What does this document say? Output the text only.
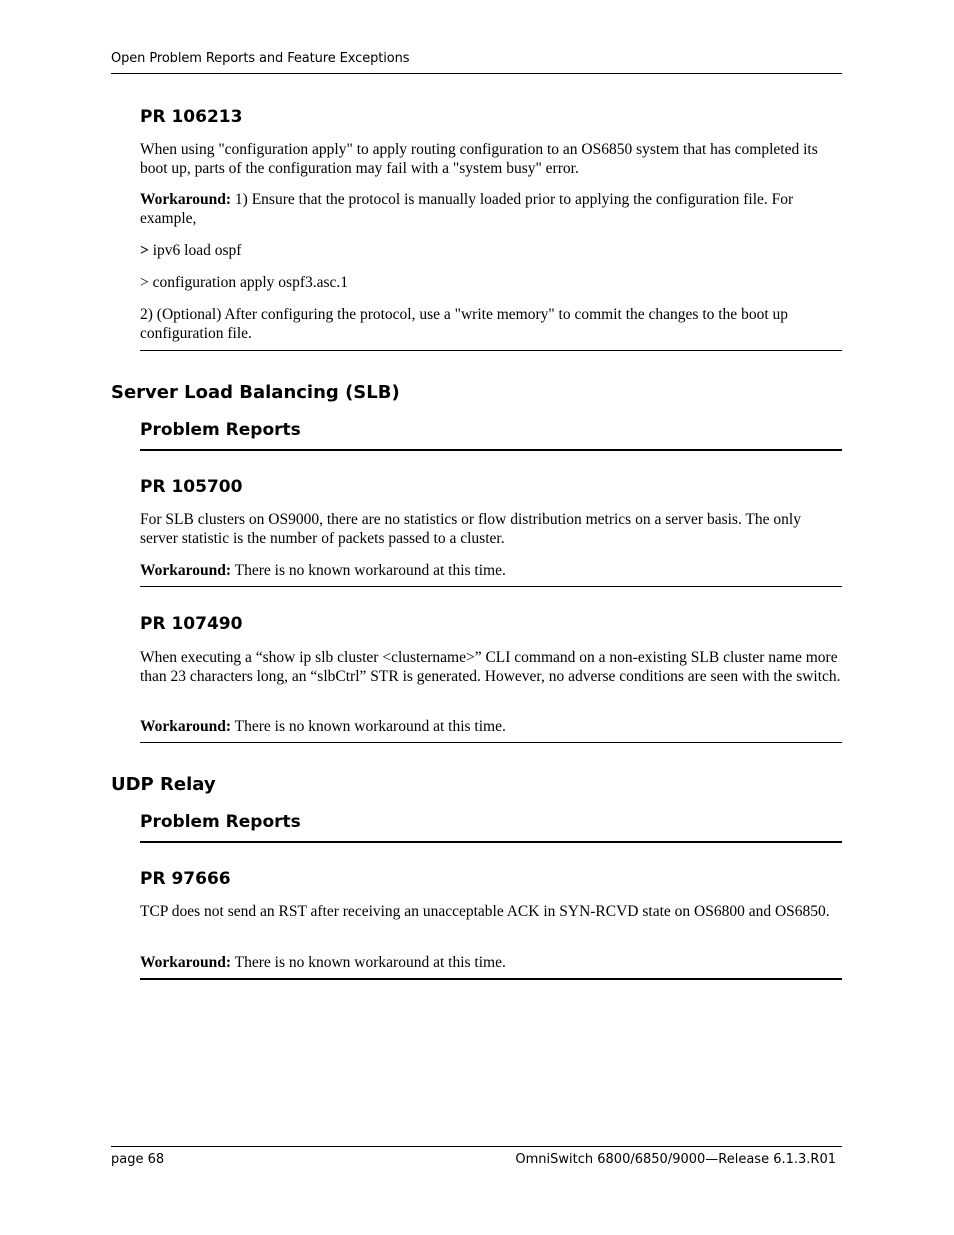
Open Problem Reports and Feature Exceptions
PR 106213

When using "configuration apply" to apply routing configuration to an OS6850 system that has completed its boot up, parts of the configuration may fail with a "system busy" error.

Workaround: 1) Ensure that the protocol is manually loaded prior to applying the configuration file. For example,

> ipv6 load ospf

> configuration apply ospf3.asc.1

2) (Optional) After configuring the protocol, use a "write memory" to commit the changes to the boot up configuration file.

Server Load Balancing (SLB)
Problem Reports
PR 105700

For SLB clusters on OS9000, there are no statistics or flow distribution metrics on a server basis. The only server statistic is the number of packets passed to a cluster.

Workaround: There is no known workaround at this time.

PR 107490

When executing a “show ip slb cluster <clustername>” CLI command on a non-existing SLB cluster name more than 23 characters long, an “slbCtrl” STR is generated. However, no adverse conditions are seen with the switch.

Workaround: There is no known workaround at this time.

UDP Relay
Problem Reports
PR 97666

TCP does not send an RST after receiving an unacceptable ACK in SYN-RCVD state on OS6800 and OS6850.

Workaround: There is no known workaround at this time.

page 68	OmniSwitch 6800/6850/9000—Release 6.1.3.R01
